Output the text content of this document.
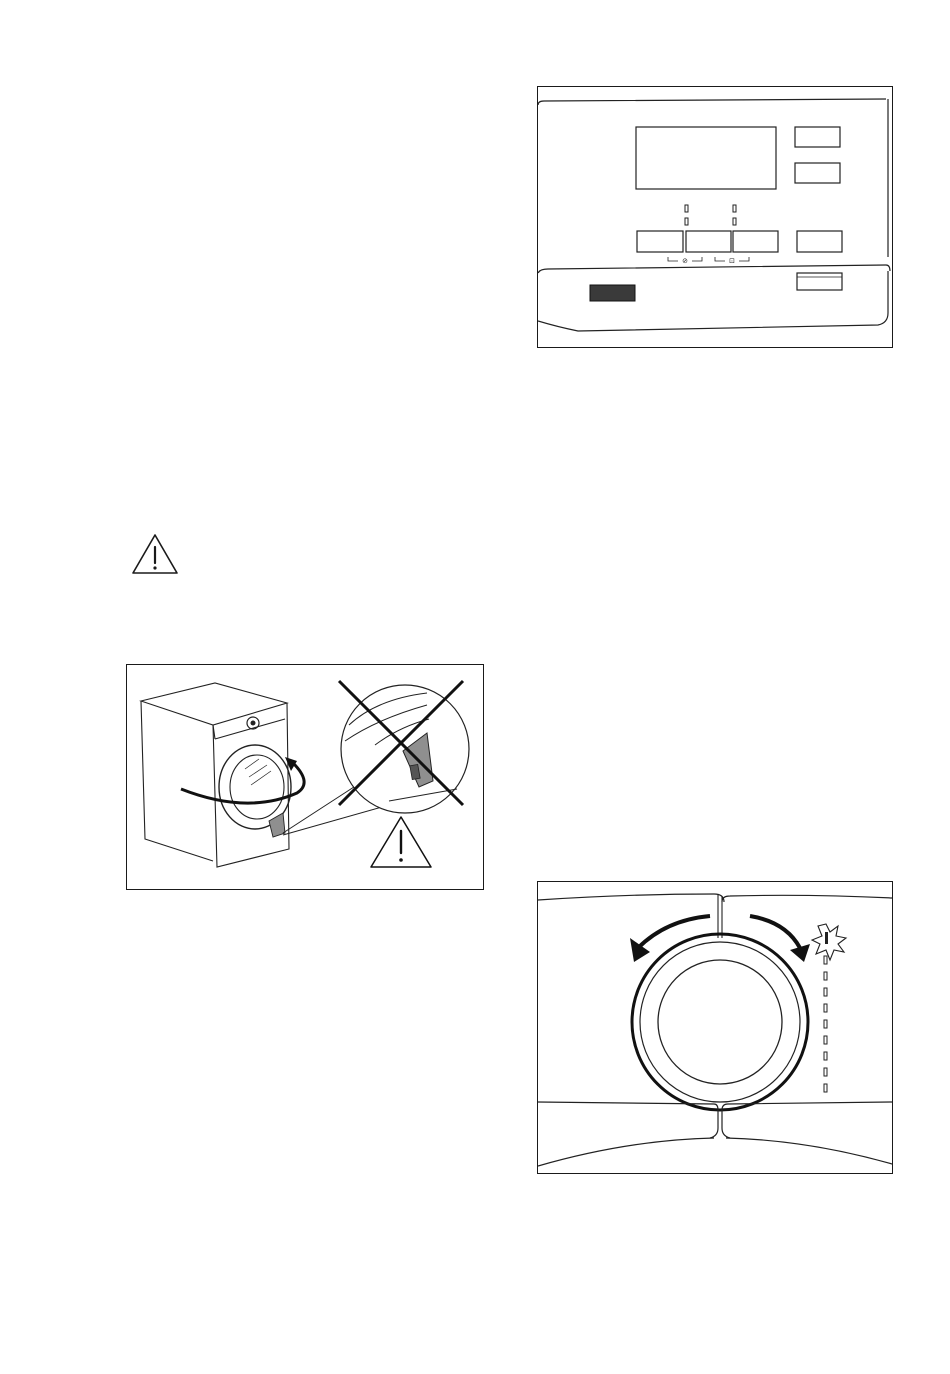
⊘	⊡
